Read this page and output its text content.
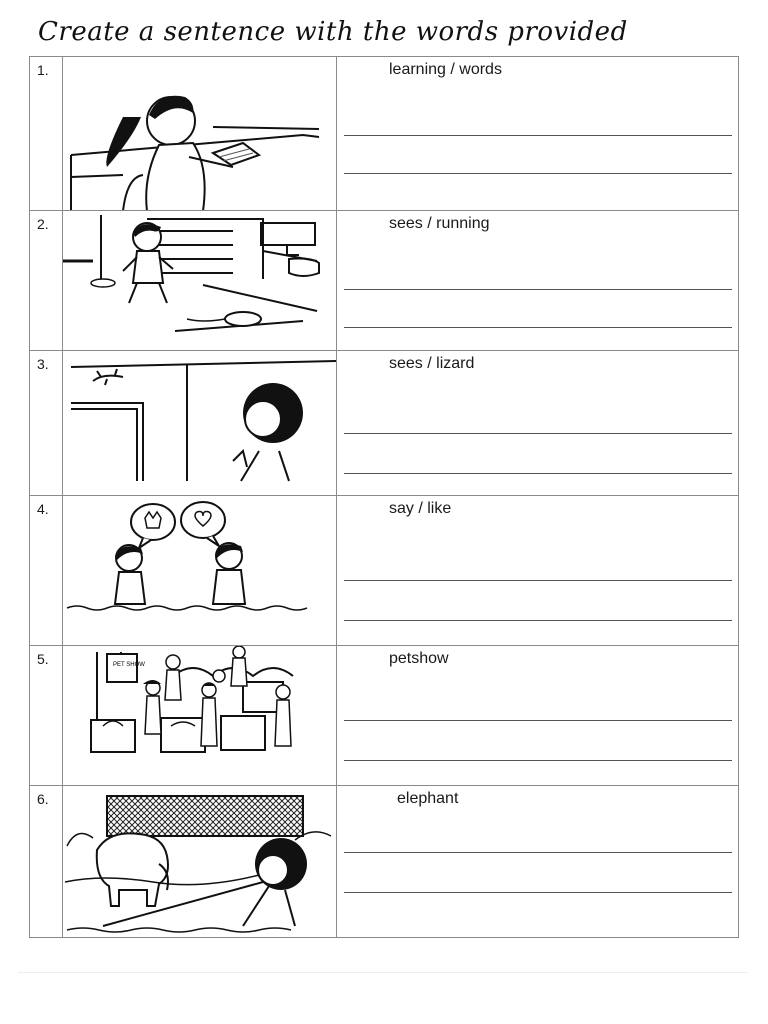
Create a sentence with the words provided
1.	learning / words
2.	sees / running
3.	sees / lizard
4.	say / like
5.	PET SHOW	petshow
6.	elephant
